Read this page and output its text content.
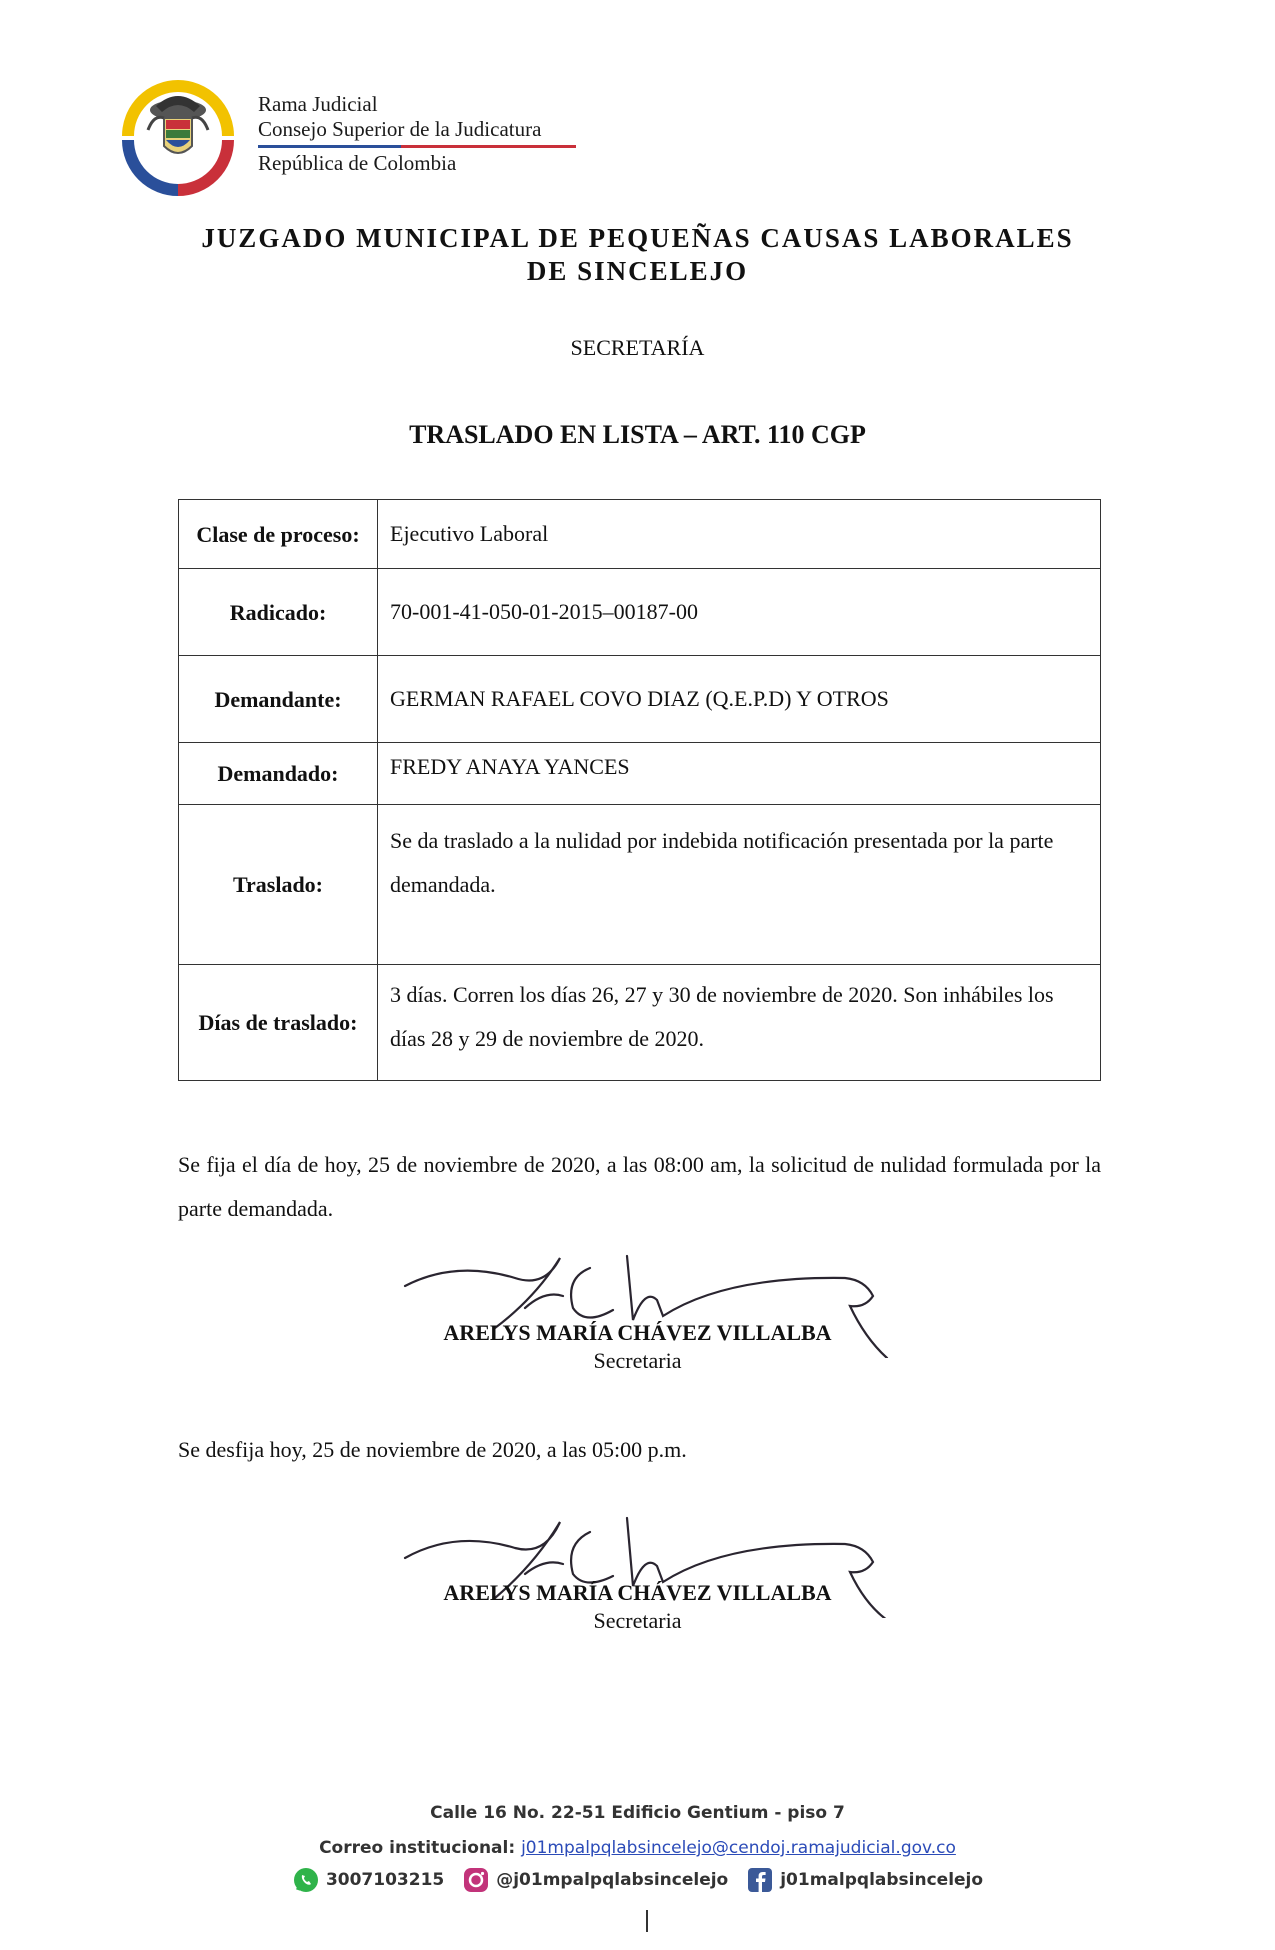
Rama Judicial
Consejo Superior de la Judicatura
República de Colombia
JUZGADO MUNICIPAL DE PEQUEÑAS CAUSAS LABORALES
DE SINCELEJO
SECRETARÍA
TRASLADO EN LISTA – ART. 110 CGP
Clase de proceso:	Ejecutivo Laboral
Radicado:	70-001-41-050-01-2015–00187-00
Demandante:	GERMAN RAFAEL COVO DIAZ (Q.E.P.D) Y OTROS
Demandado:	FREDY ANAYA YANCES
Traslado:	Se da traslado a la nulidad por indebida notificación presentada por la parte demandada.
Días de traslado:	3 días. Corren los días 26, 27 y 30 de noviembre de 2020. Son inhábiles los días 28 y 29 de noviembre de 2020.
Se fija el día de hoy, 25 de noviembre de 2020, a las 08:00 am, la solicitud de nulidad formulada por la parte demandada.
ARELYS MARÍA CHÁVEZ VILLALBA
Secretaria
Se desfija hoy, 25 de noviembre de 2020, a las 05:00 p.m.
ARELYS MARÍA CHÁVEZ VILLALBA
Secretaria
Calle 16 No. 22-51 Edificio Gentium - piso 7
Correo institucional: j01mpalpqlabsincelejo@cendoj.ramajudicial.gov.co
3007103215	@j01mpalpqlabsincelejo	j01malpqlabsincelejo
